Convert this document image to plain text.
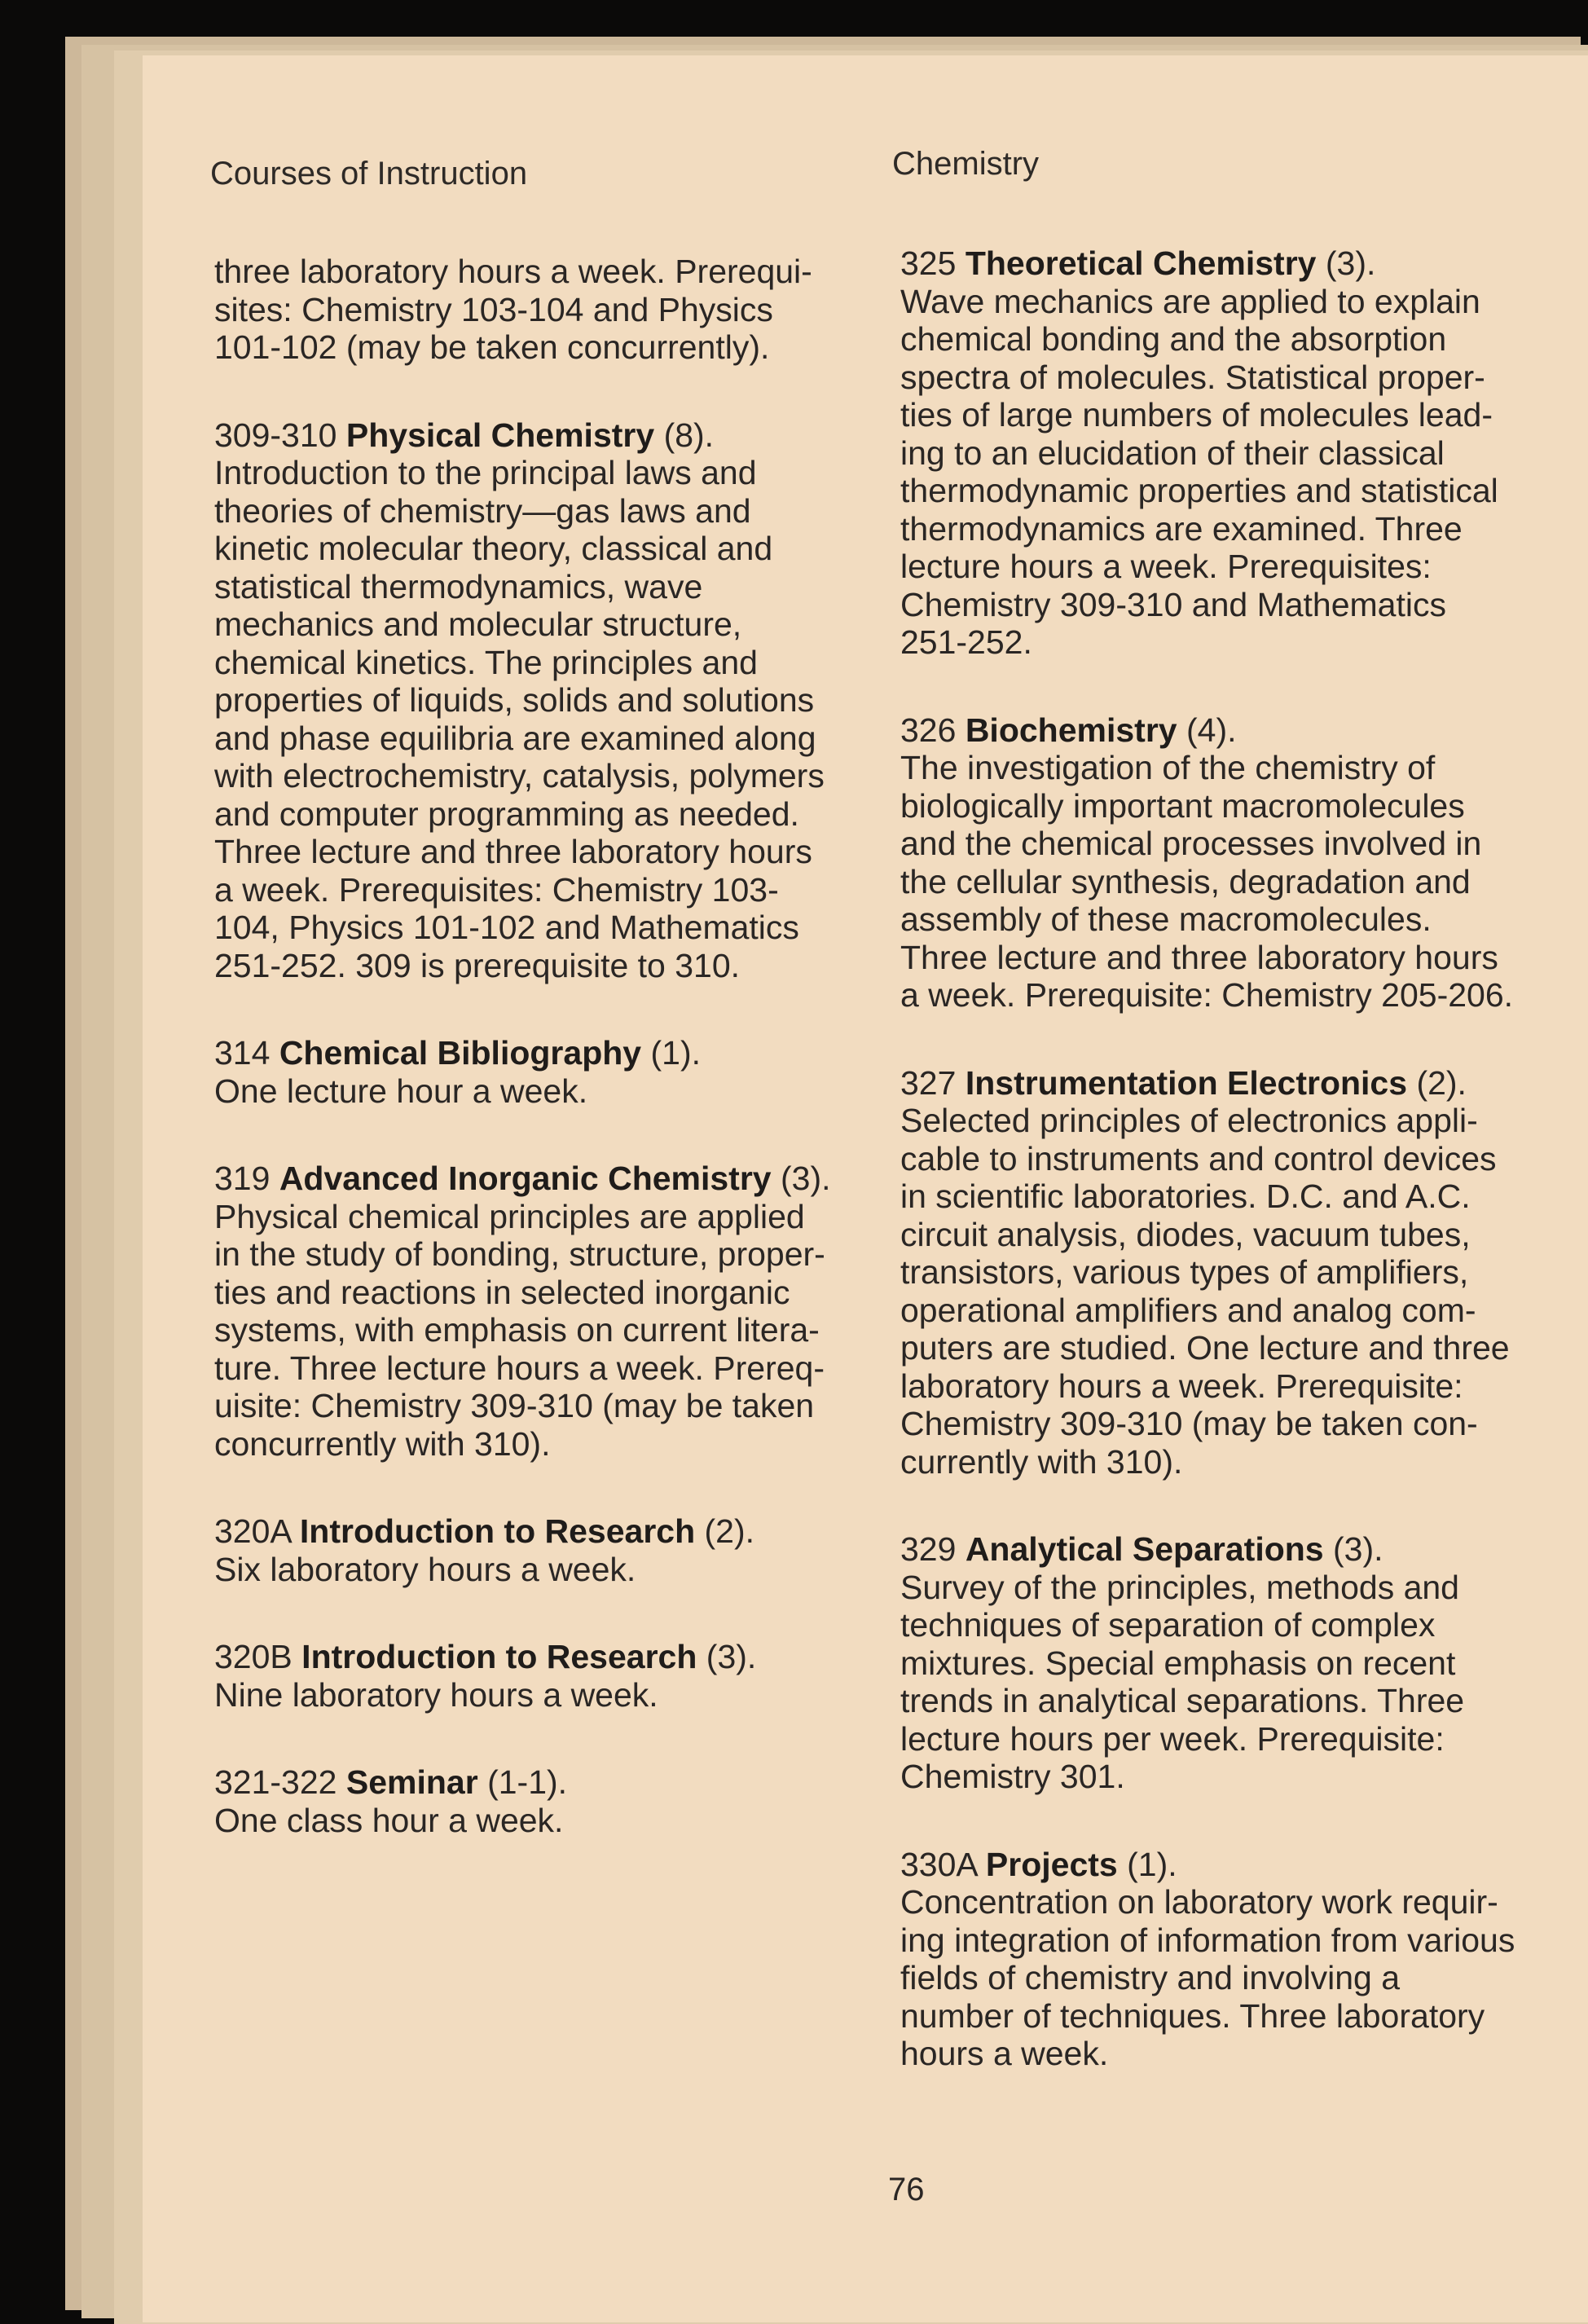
Courses of Instruction	Chemistry
three laboratory hours a week. Prerequi-
sites: Chemistry 103-104 and Physics
101-102 (may be taken concurrently).

309-310 Physical Chemistry (8).

Introduction to the principal laws and
theories of chemistry—gas laws and
kinetic molecular theory, classical and
statistical thermodynamics, wave
mechanics and molecular structure,
chemical kinetics. The principles and
properties of liquids, solids and solutions
and phase equilibria are examined along
with electrochemistry, catalysis, polymers
and computer programming as needed.
Three lecture and three laboratory hours
a week. Prerequisites: Chemistry 103-
104, Physics 101-102 and Mathematics
251-252. 309 is prerequisite to 310.

314 Chemical Bibliography (1).

One lecture hour a week.

319 Advanced Inorganic Chemistry (3).

Physical chemical principles are applied
in the study of bonding, structure, proper-
ties and reactions in selected inorganic
systems, with emphasis on current litera-
ture. Three lecture hours a week. Prereq-
uisite: Chemistry 309-310 (may be taken
concurrently with 310).

320A Introduction to Research (2).

Six laboratory hours a week.

320B Introduction to Research (3).

Nine laboratory hours a week.

321-322 Seminar (1-1).

One class hour a week.

325 Theoretical Chemistry (3).

Wave mechanics are applied to explain
chemical bonding and the absorption
spectra of molecules. Statistical proper-
ties of large numbers of molecules lead-
ing to an elucidation of their classical
thermodynamic properties and statistical
thermodynamics are examined. Three
lecture hours a week. Prerequisites:
Chemistry 309-310 and Mathematics
251-252.

326 Biochemistry (4).

The investigation of the chemistry of
biologically important macromolecules
and the chemical processes involved in
the cellular synthesis, degradation and
assembly of these macromolecules.
Three lecture and three laboratory hours
a week. Prerequisite: Chemistry 205-206.

327 Instrumentation Electronics (2).

Selected principles of electronics appli-
cable to instruments and control devices
in scientific laboratories. D.C. and A.C.
circuit analysis, diodes, vacuum tubes,
transistors, various types of amplifiers,
operational amplifiers and analog com-
puters are studied. One lecture and three
laboratory hours a week. Prerequisite:
Chemistry 309-310 (may be taken con-
currently with 310).

329 Analytical Separations (3).

Survey of the principles, methods and
techniques of separation of complex
mixtures. Special emphasis on recent
trends in analytical separations. Three
lecture hours per week. Prerequisite:
Chemistry 301.

330A Projects (1).

Concentration on laboratory work requir-
ing integration of information from various
fields of chemistry and involving a
number of techniques. Three laboratory
hours a week.

76
